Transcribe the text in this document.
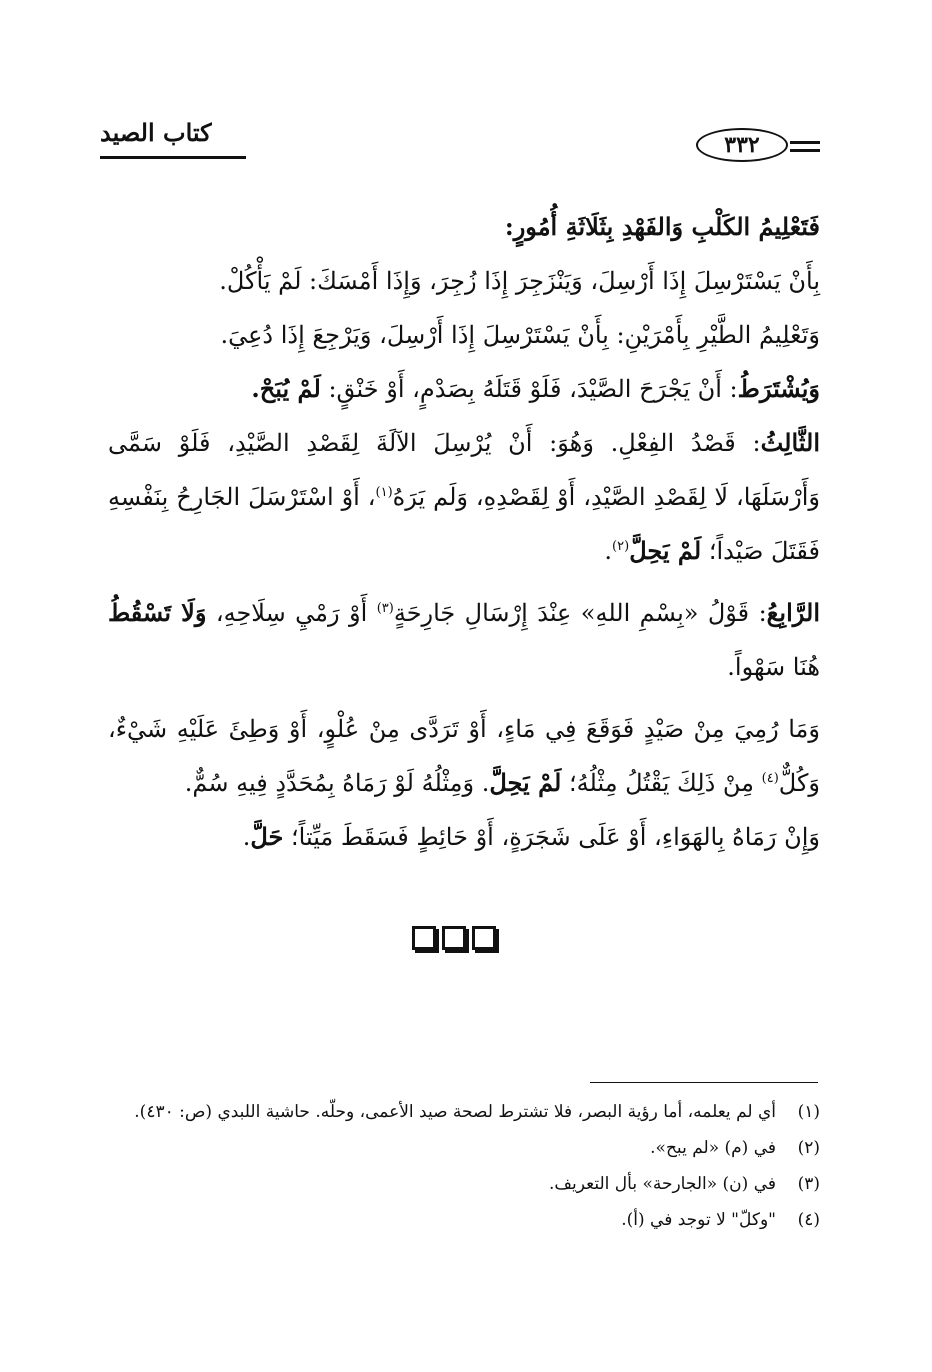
كتاب الصيد	٣٣٢

فَتَعْلِيمُ الكَلْبِ وَالفَهْدِ بِثَلَاثَةِ أُمُورٍ:

بِأَنْ يَسْتَرْسِلَ إِذَا أَرْسِلَ، وَيَنْزَجِرَ إِذَا زُجِرَ، وَإِذَا أَمْسَكَ: لَمْ يَأْكُلْ.

وَتَعْلِيمُ الطَّيْرِ بِأَمْرَيْنِ: بِأَنْ يَسْتَرْسِلَ إِذَا أَرْسِلَ، وَيَرْجِعَ إِذَا دُعِيَ.

وَيُشْتَرَطُ: أَنْ يَجْرَحَ الصَّيْدَ، فَلَوْ قَتَلَهُ بِصَدْمٍ، أَوْ خَنْقٍ: لَمْ يُبَحْ.

الثَّالِثُ: قَصْدُ الفِعْلِ. وَهُوَ: أَنْ يُرْسِلَ الآلَةَ لِقَصْدِ الصَّيْدِ، فَلَوْ سَمَّى وَأَرْسَلَهَا، لَا لِقَصْدِ الصَّيْدِ، أَوْ لِقَصْدِهِ، وَلَم يَرَهُ$^{(١)}$، أَوْ اسْتَرْسَلَ الجَارِحُ بِنَفْسِهِ فَقَتَلَ صَيْداً؛ لَمْ يَحِلَّ$^{(٢)}$.

الرَّابِعُ: قَوْلُ «بِسْمِ اللهِ» عِنْدَ إِرْسَالِ جَارِحَةٍ$^{(٣)}$ أَوْ رَمْيِ سِلَاحِهِ، وَلَا تَسْقُطُ هُنَا سَهْواً.

وَمَا رُمِيَ مِنْ صَيْدٍ فَوَقَعَ فِي مَاءٍ، أَوْ تَرَدَّى مِنْ عُلْوٍ، أَوْ وَطِئَ عَلَيْهِ شَيْءٌ، وَكُلٌّ$^{(٤)}$ مِنْ ذَلِكَ يَقْتُلُ مِثْلُهُ؛ لَمْ يَحِلَّ. وَمِثْلُهُ لَوْ رَمَاهُ بِمُحَدَّدٍ فِيهِ سُمٌّ.

وَإِنْ رَمَاهُ بِالهَوَاءِ، أَوْ عَلَى شَجَرَةٍ، أَوْ حَائِطٍ فَسَقَطَ مَيِّتاً؛ حَلَّ.

(١)
أي لم يعلمه، أما رؤية البصر، فلا تشترط لصحة صيد الأعمى، وحلّه. حاشية اللبدي (ص: ٤٣٠).
(٢)
في (م) «لم يبح».
(٣)
في (ن) «الجارحة» بأل التعريف.
(٤)
"وكلّ" لا توجد في (أ).
